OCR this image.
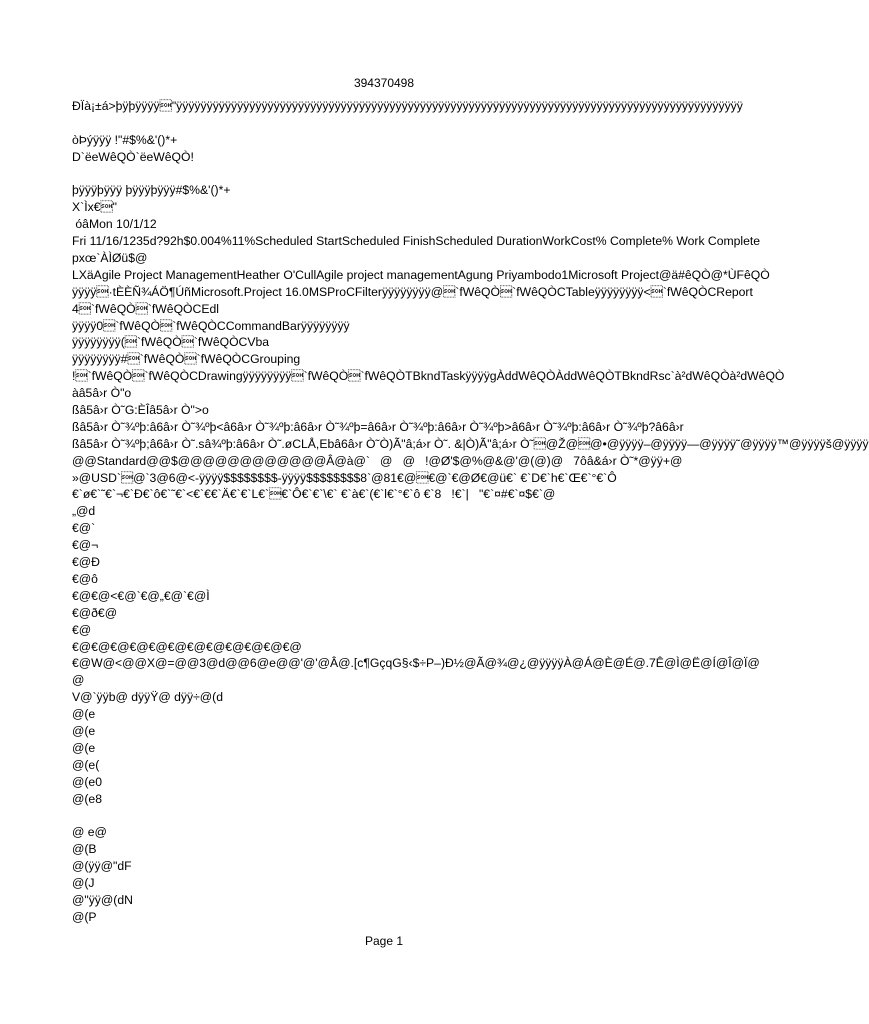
394370498
ÐÏà¡±á>þÿþÿÿÿÿ"ÿÿÿÿÿÿÿÿÿÿÿÿÿÿÿÿÿÿÿÿÿÿÿÿÿÿÿÿÿÿÿÿÿÿÿÿÿÿÿÿÿÿÿÿÿÿÿÿÿÿÿÿÿÿÿÿÿÿÿÿÿÿÿÿÿÿÿÿÿÿÿÿÿÿÿÿÿÿÿÿÿÿÿÿÿÿÿÿÿÿÿÿÿ
òÞýÿÿÿ !"#$%&'()*+
D`ëeWêQÒ`ëeWêQÒ!
þÿÿÿþÿÿÿ þÿÿÿþÿÿÿ#$%&'()*+
X`Ìx€"
óâMon 10/1/12
Fri 11/16/1235d?92h$0.004%11%Scheduled StartScheduled FinishScheduled DurationWorkCost% Complete% Work Complete
pxœ`ÀÌØü$@
LXäAgile Project ManagementHeather O'CullAgile project managementAgung Priyambodo1Microsoft Project@ä#êQÒ@*ÙFêQÒ
ÿÿÿÿ·tÈÈÑ¾ÁÖ¶ÚñMicrosoft.Project 16.0MSProCFilterÿÿÿÿÿÿÿÿ@`fWêQÒ`fWêQÒCTableÿÿÿÿÿÿÿÿ<`fWêQÒCReport
4`fWêQÒ`fWêQÒCEdl
ÿÿÿÿ0`fWêQÒ`fWêQÒCCommandBarÿÿÿÿÿÿÿÿ
ÿÿÿÿÿÿÿÿ(`fWêQÒ`fWêQÒCVba
ÿÿÿÿÿÿÿÿ#`fWêQÒ`fWêQÒCGrouping
!`fWêQÒ`fWêQÒCDrawingÿÿÿÿÿÿÿÿ`fWêQÒ`fWêQÒTBkndTaskÿÿÿÿgÀddWêQÒÀddWêQÒTBkndRsc`à²dWêQÒà²dWêQÒ
àâ5â›r Ò"o
ßâ5â›r Ò˜G:ÈÎâ5â›r Ò">o
ßâ5â›r Ò˜¾ºþ:â6â›r Ò˜¾ºþ<â6â›r Ò˜¾ºþ:â6â›r Ò˜¾ºþ=â6â›r Ò˜¾ºþ:â6â›r Ò˜¾ºþ>â6â›r Ò˜¾ºþ:â6â›r Ò˜¾ºþ?â6â›r
ßâ5â›r Ò˜¾ºþ;â6â›r Ò˜.sâ¾ºþ:â6â›r Ò˜.øCLÅ,Ebâ6â›r Ò˜Ò)Ã"â;á›r Ò˜. &|Ò)Ã"â;á›r Ò˜@Ž@@•@ÿÿÿÿ–@ÿÿÿÿ—@ÿÿÿÿ˜@ÿÿÿÿ™@ÿÿÿÿš@ÿÿÿÿ
@@Standard@@$@@@@@@@@@@@@Â@à@`   @   @   !@Ø'$@%@&@'@(@)@   7ôâ&á›r Ò˜*@ÿÿ+@
»@USD`@`3@6@<-ÿÿÿÿ$$$$$$$$-ÿÿÿÿ$$$$$$$$8`@81€@€@`€@Ø€@ü€` €`D€`h€`Œ€`°€`Ô
€`ø€`˜€`¬€`Ð€`ô€`˜€`<€`€€`Ä€`€`L€`€`Ô€`€`\€` €`à€`(€`l€`°€`ô €`8   !€`|   "€`¤#€`¤$€`@
„@d
€@`
€@¬
€@Ð
€@ô
€@€@<€@`€@„€@`€@Ì
€@ð€@
€@
€@€@€@€@€@€@€@€@€@€@€@€@
€@W@<@@X@=@@3@d@@6@e@@'@'@Â@.[c¶GçqG§‹$÷P–)Ð½@Ã@¾@¿@ÿÿÿÿÀ@Á@È@É@.7Ê@Ì@Ë@Í@Î@Ï@
@
V@`ÿÿb@ dÿÿŸ@ dÿÿ÷@(d
@(e
@(e
@(e
@(e(
@(e0
@(e8
@ e@
@(B
@(ÿÿ@"dF
@(J
@"ÿÿ@(dN
@(P
Page 1
